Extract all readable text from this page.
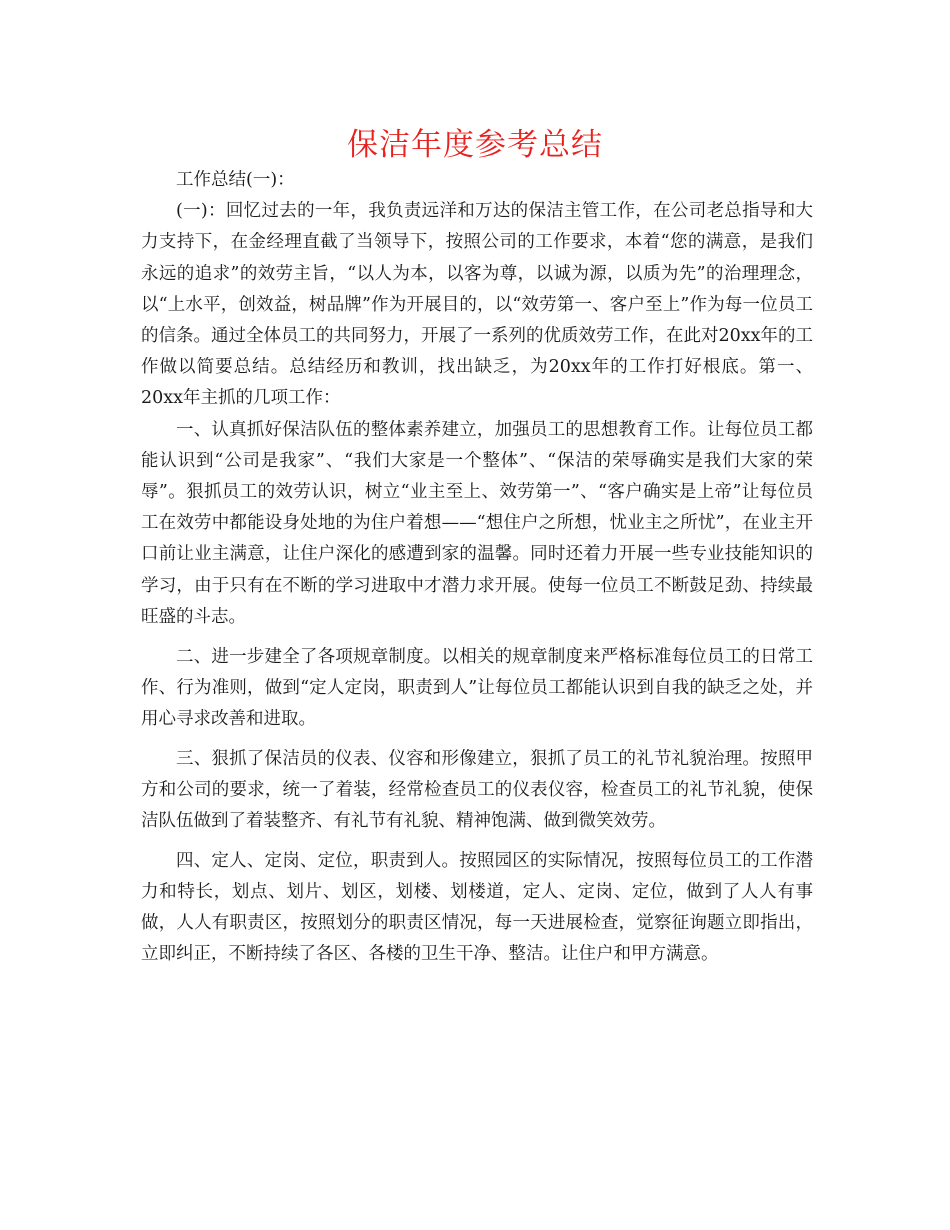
保洁年度参考总结

工作总结(一)：

(一)：回忆过去的一年，我负责远洋和万达的保洁主管工作，在公司老总指导和大力支持下，在金经理直截了当领导下，按照公司的工作要求，本着“您的满意，是我们永远的追求”的效劳主旨，“以人为本，以客为尊，以诚为源，以质为先”的治理理念，以“上水平，创效益，树品牌”作为开展目的，以“效劳第一、客户至上”作为每一位员工的信条。通过全体员工的共同努力，开展了一系列的优质效劳工作，在此对20xx年的工作做以简要总结。总结经历和教训，找出缺乏，为20xx年的工作打好根底。第一、20xx年主抓的几项工作：

一、认真抓好保洁队伍的整体素养建立，加强员工的思想教育工作。让每位员工都能认识到“公司是我家”、“我们大家是一个整体”、“保洁的荣辱确实是我们大家的荣辱”。狠抓员工的效劳认识，树立“业主至上、效劳第一”、“客户确实是上帝”让每位员工在效劳中都能设身处地的为住户着想——“想住户之所想，忧业主之所忧”，在业主开口前让业主满意，让住户深化的感遭到家的温馨。同时还着力开展一些专业技能知识的学习，由于只有在不断的学习进取中才潜力求开展。使每一位员工不断鼓足劲、持续最旺盛的斗志。

二、进一步建全了各项规章制度。以相关的规章制度来严格标准每位员工的日常工作、行为准则，做到“定人定岗，职责到人”让每位员工都能认识到自我的缺乏之处，并用心寻求改善和进取。

三、狠抓了保洁员的仪表、仪容和形像建立，狠抓了员工的礼节礼貌治理。按照甲方和公司的要求，统一了着装，经常检查员工的仪表仪容，检查员工的礼节礼貌，使保洁队伍做到了着装整齐、有礼节有礼貌、精神饱满、做到微笑效劳。

四、定人、定岗、定位，职责到人。按照园区的实际情况，按照每位员工的工作潜力和特长，划点、划片、划区，划楼、划楼道，定人、定岗、定位，做到了人人有事做，人人有职责区，按照划分的职责区情况，每一天进展检查，觉察征询题立即指出，立即纠正，不断持续了各区、各楼的卫生干净、整洁。让住户和甲方满意。
